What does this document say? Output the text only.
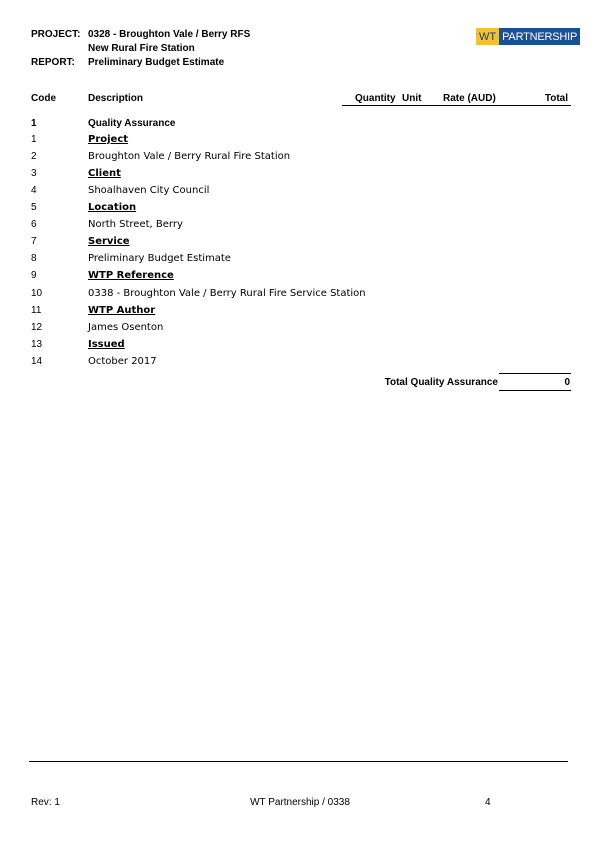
PROJECT: 0328 - Broughton Vale / Berry RFS
New Rural Fire Station
REPORT: Preliminary Budget Estimate
WT PARTNERSHIP
Code	Description	Quantity Unit Rate (AUD)	Total
1	Quality Assurance
1	Project
2	Broughton Vale / Berry Rural Fire Station
3	Client
4	Shoalhaven City Council
5	Location
6	North Street, Berry
7	Service
8	Preliminary Budget Estimate
9	WTP Reference
10	0338 - Broughton Vale / Berry Rural Fire Service Station
11	WTP Author
12	James Osenton
13	Issued
14	October 2017
Total Quality Assurance	0
Rev: 1	WT Partnership / 0338	4
